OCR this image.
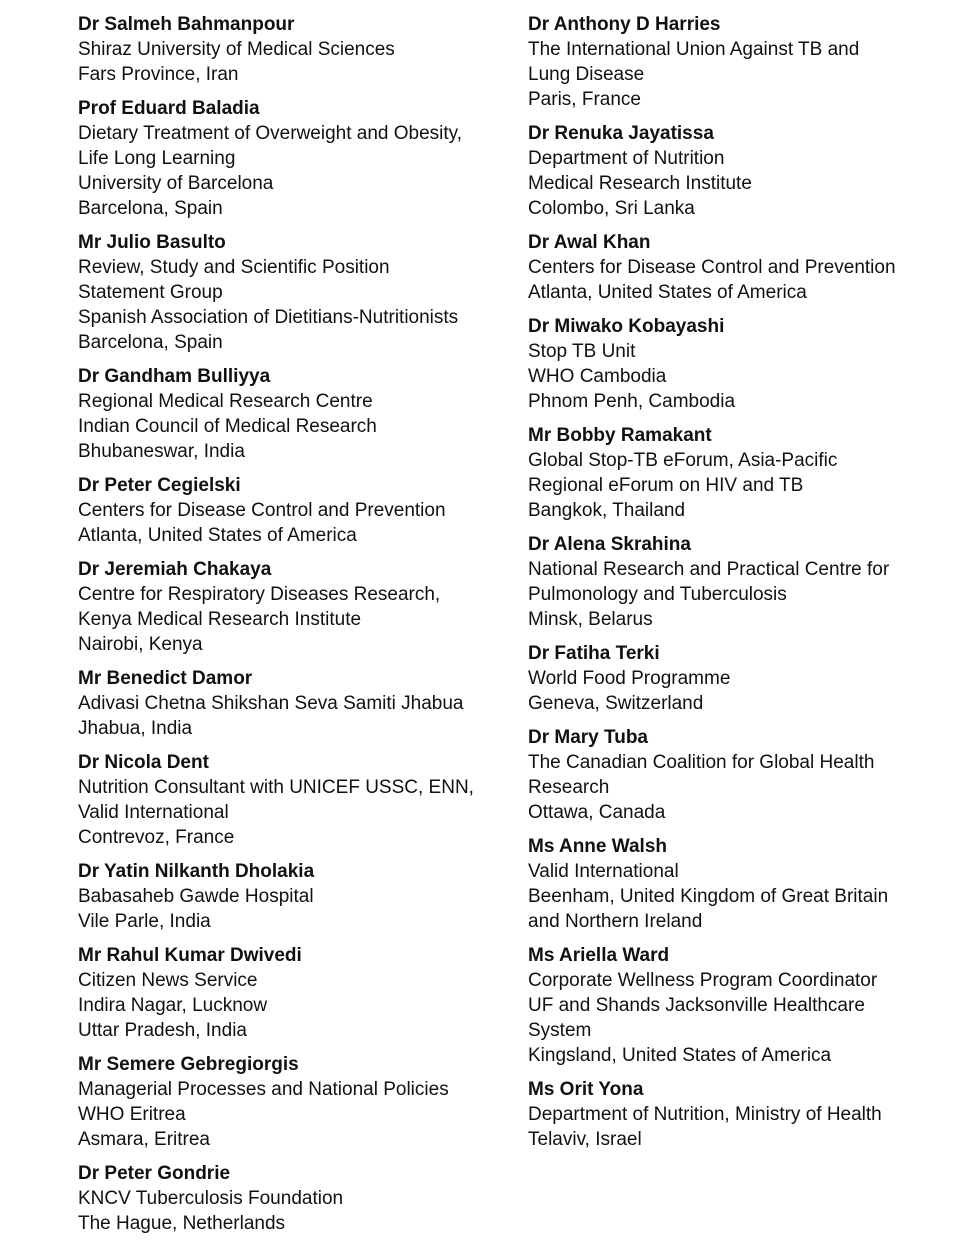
Dr Salmeh Bahmanpour
Shiraz University of Medical Sciences
Fars Province, Iran
Prof Eduard Baladia
Dietary Treatment of Overweight and Obesity,
Life Long Learning
University of Barcelona
Barcelona, Spain
Mr Julio Basulto
Review, Study and Scientific Position
Statement Group
Spanish Association of Dietitians-Nutritionists
Barcelona, Spain
Dr Gandham Bulliyya
Regional Medical Research Centre
Indian Council of Medical Research
Bhubaneswar, India
Dr Peter Cegielski
Centers for Disease Control and Prevention
Atlanta, United States of America
Dr Jeremiah Chakaya
Centre for Respiratory Diseases Research,
Kenya Medical Research Institute
Nairobi, Kenya
Mr Benedict Damor
Adivasi Chetna Shikshan Seva Samiti Jhabua
Jhabua, India
Dr Nicola Dent
Nutrition Consultant with UNICEF USSC, ENN,
Valid International
Contrevoz, France
Dr Yatin Nilkanth Dholakia
Babasaheb Gawde Hospital
Vile Parle, India
Mr Rahul Kumar Dwivedi
Citizen News Service
Indira Nagar, Lucknow
Uttar Pradesh, India
Mr Semere Gebregiorgis
Managerial Processes and National Policies
WHO Eritrea
Asmara, Eritrea
Dr Peter Gondrie
KNCV Tuberculosis Foundation
The Hague, Netherlands
Dr Anthony D Harries
The International Union Against TB and
Lung Disease
Paris, France
Dr Renuka Jayatissa
Department of Nutrition
Medical Research Institute
Colombo, Sri Lanka
Dr Awal Khan
Centers for Disease Control and Prevention
Atlanta, United States of America
Dr Miwako Kobayashi
Stop TB Unit
WHO Cambodia
Phnom Penh, Cambodia
Mr Bobby Ramakant
Global Stop-TB eForum, Asia-Pacific
Regional eForum on HIV and TB
Bangkok, Thailand
Dr Alena Skrahina
National Research and Practical Centre for
Pulmonology and Tuberculosis
Minsk, Belarus
Dr Fatiha Terki
World Food Programme
Geneva, Switzerland
Dr Mary Tuba
The Canadian Coalition for Global Health
Research
Ottawa, Canada
Ms Anne Walsh
Valid International
Beenham, United Kingdom of Great Britain
and Northern Ireland
Ms Ariella Ward
Corporate Wellness Program Coordinator
UF and Shands Jacksonville Healthcare
System
Kingsland, United States of America
Ms Orit Yona
Department of Nutrition, Ministry of Health
Telaviv, Israel
